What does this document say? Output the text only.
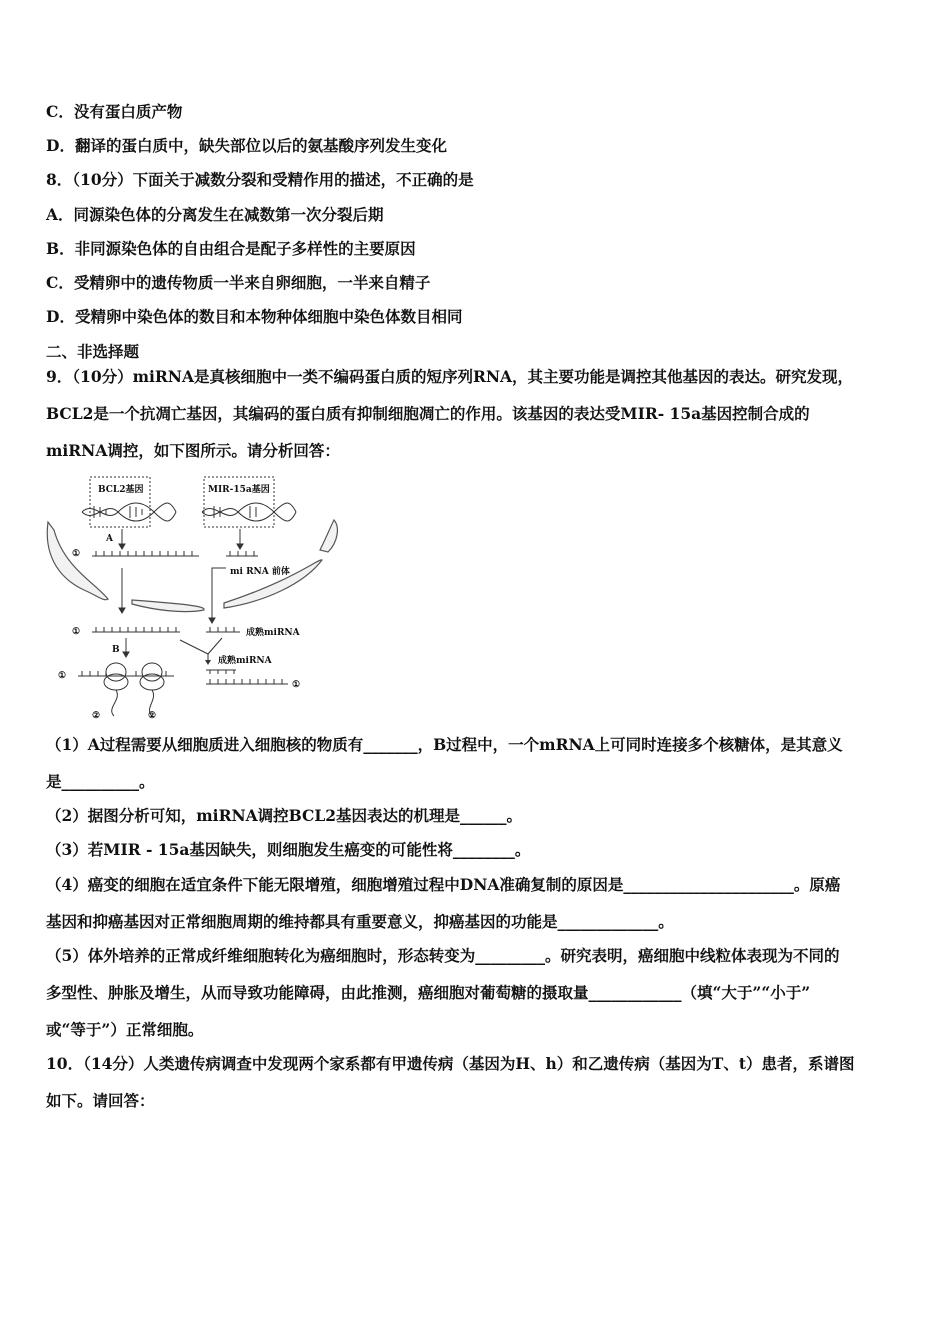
C．没有蛋白质产物
D．翻译的蛋白质中，缺失部位以后的氨基酸序列发生变化
8．（10分）下面关于减数分裂和受精作用的描述，不正确的是
A．同源染色体的分离发生在减数第一次分裂后期
B．非同源染色体的自由组合是配子多样性的主要原因
C．受精卵中的遗传物质一半来自卵细胞，一半来自精子
D．受精卵中染色体的数目和本物种体细胞中染色体数目相同
二、非选择题
9．（10分）miRNA是真核细胞中一类不编码蛋白质的短序列RNA，其主要功能是调控其他基因的表达。研究发现，
BCL2是一个抗凋亡基因，其编码的蛋白质有抑制细胞凋亡的作用。该基因的表达受MIR- 15a基因控制合成的
miRNA调控，如下图所示。请分析回答：
BCL2基因	MIR-15a基因
A
①
mi RNA 前体
①	成熟miRNA
B
成熟miRNA
①
②	②
①
（1）A过程需要从细胞质进入细胞核的物质有_______，B过程中，一个mRNA上可同时连接多个核糖体，是其意义
是__________。
（2）据图分析可知，miRNA调控BCL2基因表达的机理是______。
（3）若MIR - 15a基因缺失，则细胞发生癌变的可能性将________。
（4）癌变的细胞在适宜条件下能无限增殖，细胞增殖过程中DNA准确复制的原因是______________________。原癌
基因和抑癌基因对正常细胞周期的维持都具有重要意义，抑癌基因的功能是_____________。
（5）体外培养的正常成纤维细胞转化为癌细胞时，形态转变为_________。研究表明，癌细胞中线粒体表现为不同的
多型性、肿胀及增生，从而导致功能障碍，由此推测，癌细胞对葡萄糖的摄取量____________（填“大于”“小于”
或“等于”）正常细胞。
10．（14分）人类遗传病调查中发现两个家系都有甲遗传病（基因为H、h）和乙遗传病（基因为T、t）患者，系谱图
如下。请回答：
